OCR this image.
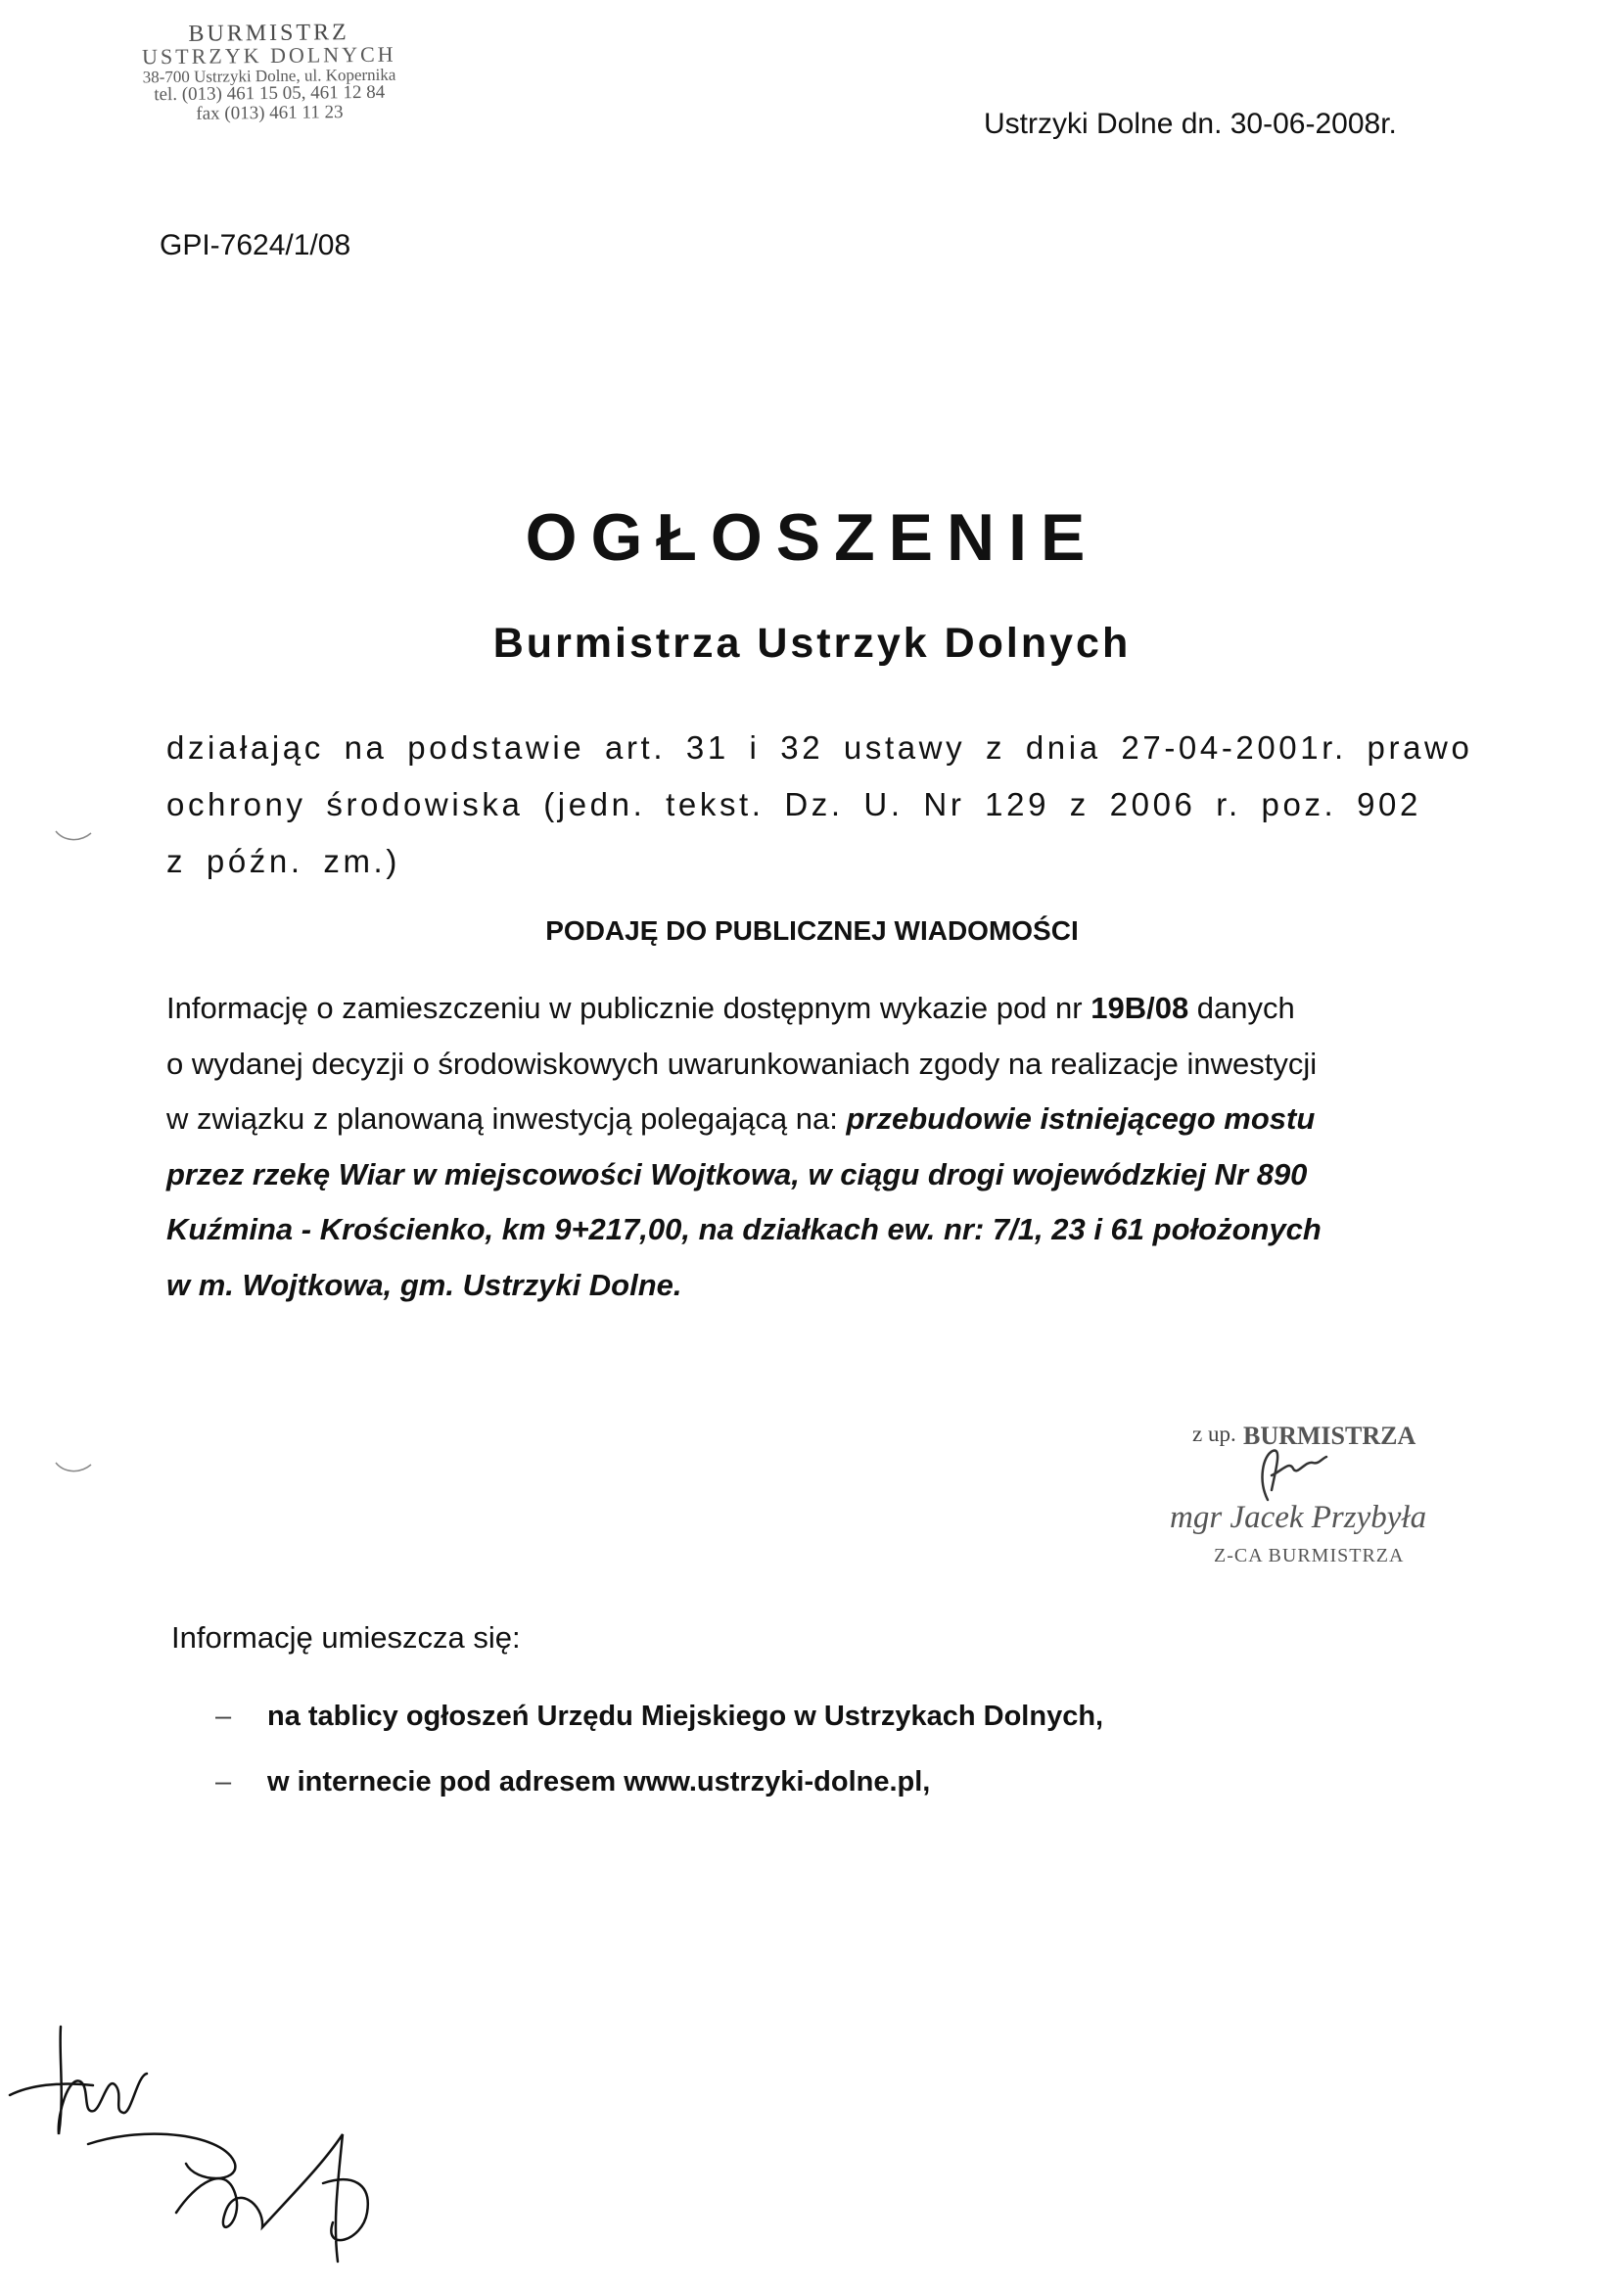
BURMISTRZ
USTRZYK DOLNYCH
38-700 Ustrzyki Dolne, ul. Kopernika
tel. (013) 461 15 05, 461 12 84
fax (013) 461 11 23	Ustrzyki Dolne dn. 30-06-2008r.
GPI-7624/1/08
OGŁOSZENIE
Burmistrza Ustrzyk Dolnych
działając na podstawie art. 31 i 32 ustawy z dnia 27-04-2001r. prawo
ochrony środowiska (jedn. tekst. Dz. U. Nr 129 z 2006 r. poz. 902
z późn. zm.)
PODAJĘ DO PUBLICZNEJ WIADOMOŚCI
Informację o zamieszczeniu w publicznie dostępnym wykazie pod nr 19B/08 danych
o wydanej decyzji o środowiskowych uwarunkowaniach zgody na realizacje inwestycji
w związku z planowaną inwestycją polegającą na: przebudowie istniejącego mostu
przez rzekę Wiar w miejscowości Wojtkowa, w ciągu drogi wojewódzkiej Nr 890
Kuźmina - Krościenko, km 9+217,00, na działkach ew. nr: 7/1, 23 i 61 położonych
w m. Wojtkowa, gm. Ustrzyki Dolne.
z up. BURMISTRZA
mgr Jacek Przybyła
Z-CA BURMISTRZA
Informację umieszcza się:
–	na tablicy ogłoszeń Urzędu Miejskiego w Ustrzykach Dolnych,
–	w internecie pod adresem www.ustrzyki-dolne.pl,
